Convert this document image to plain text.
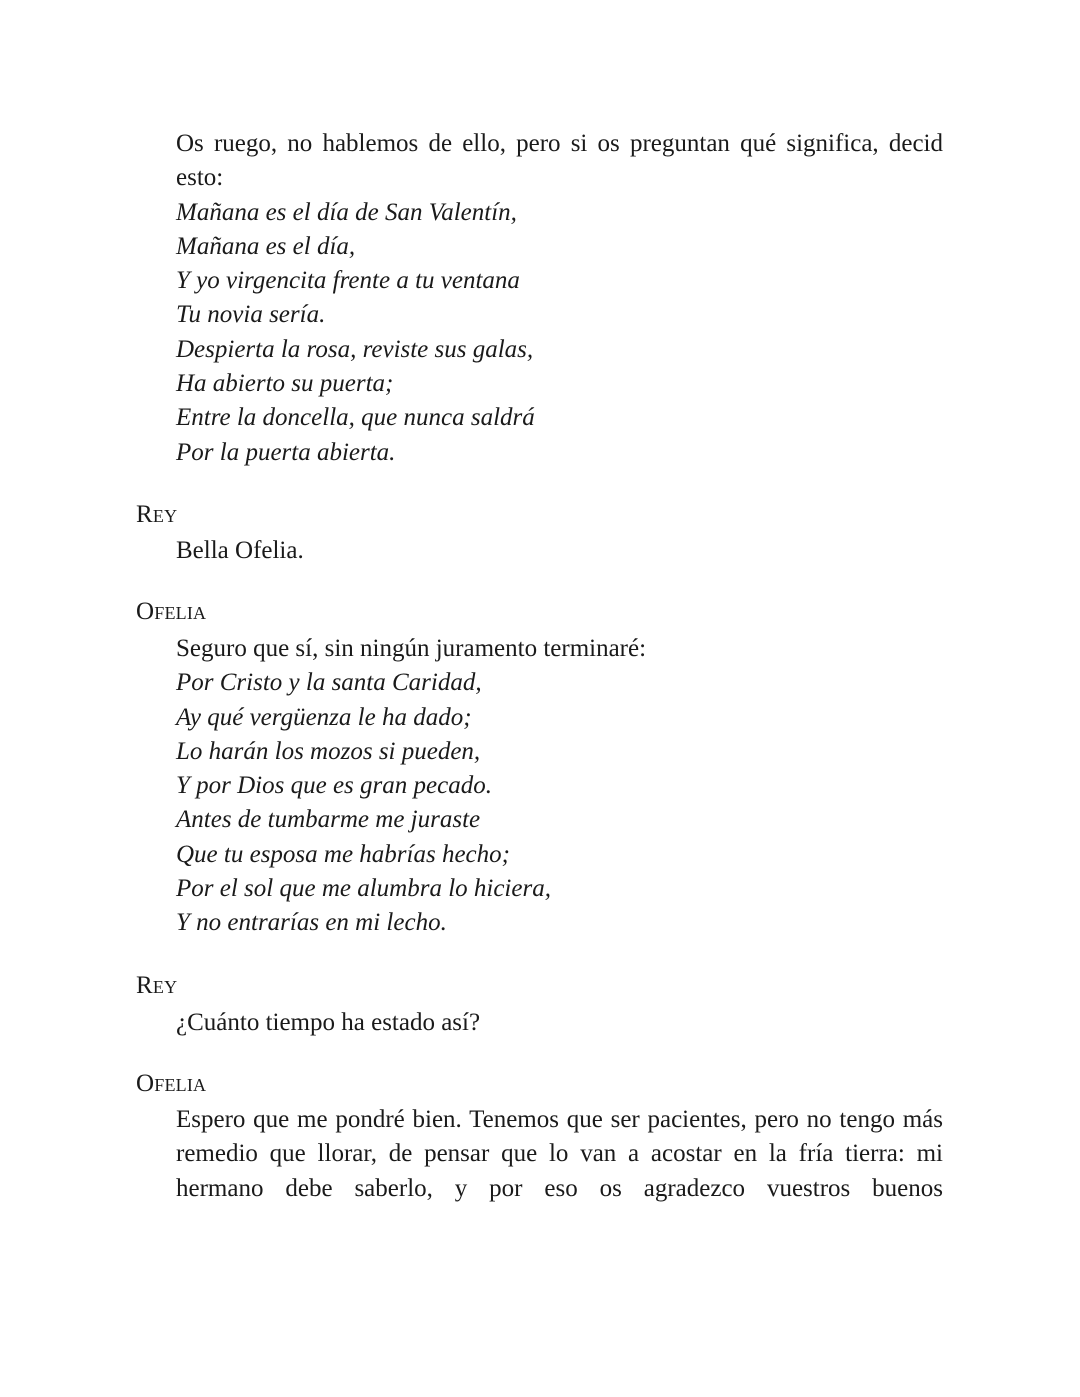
Os ruego, no hablemos de ello, pero si os preguntan qué significa, decid esto:

Mañana es el día de San Valentín,

Mañana es el día,

Y yo virgencita frente a tu ventana

Tu novia sería.

Despierta la rosa, reviste sus galas,

Ha abierto su puerta;

Entre la doncella, que nunca saldrá

Por la puerta abierta.

Rey

Bella Ofelia.

Ofelia

Seguro que sí, sin ningún juramento terminaré:

Por Cristo y la santa Caridad,

Ay qué vergüenza le ha dado;

Lo harán los mozos si pueden,

Y por Dios que es gran pecado.

Antes de tumbarme me juraste

Que tu esposa me habrías hecho;

Por el sol que me alumbra lo hiciera,

Y no entrarías en mi lecho.

Rey

¿Cuánto tiempo ha estado así?

Ofelia

Espero que me pondré bien. Tenemos que ser pacientes, pero no tengo más remedio que llorar, de pensar que lo van a acostar en la fría tierra: mi hermano debe saberlo, y por eso os agradezco vuestros buenos
